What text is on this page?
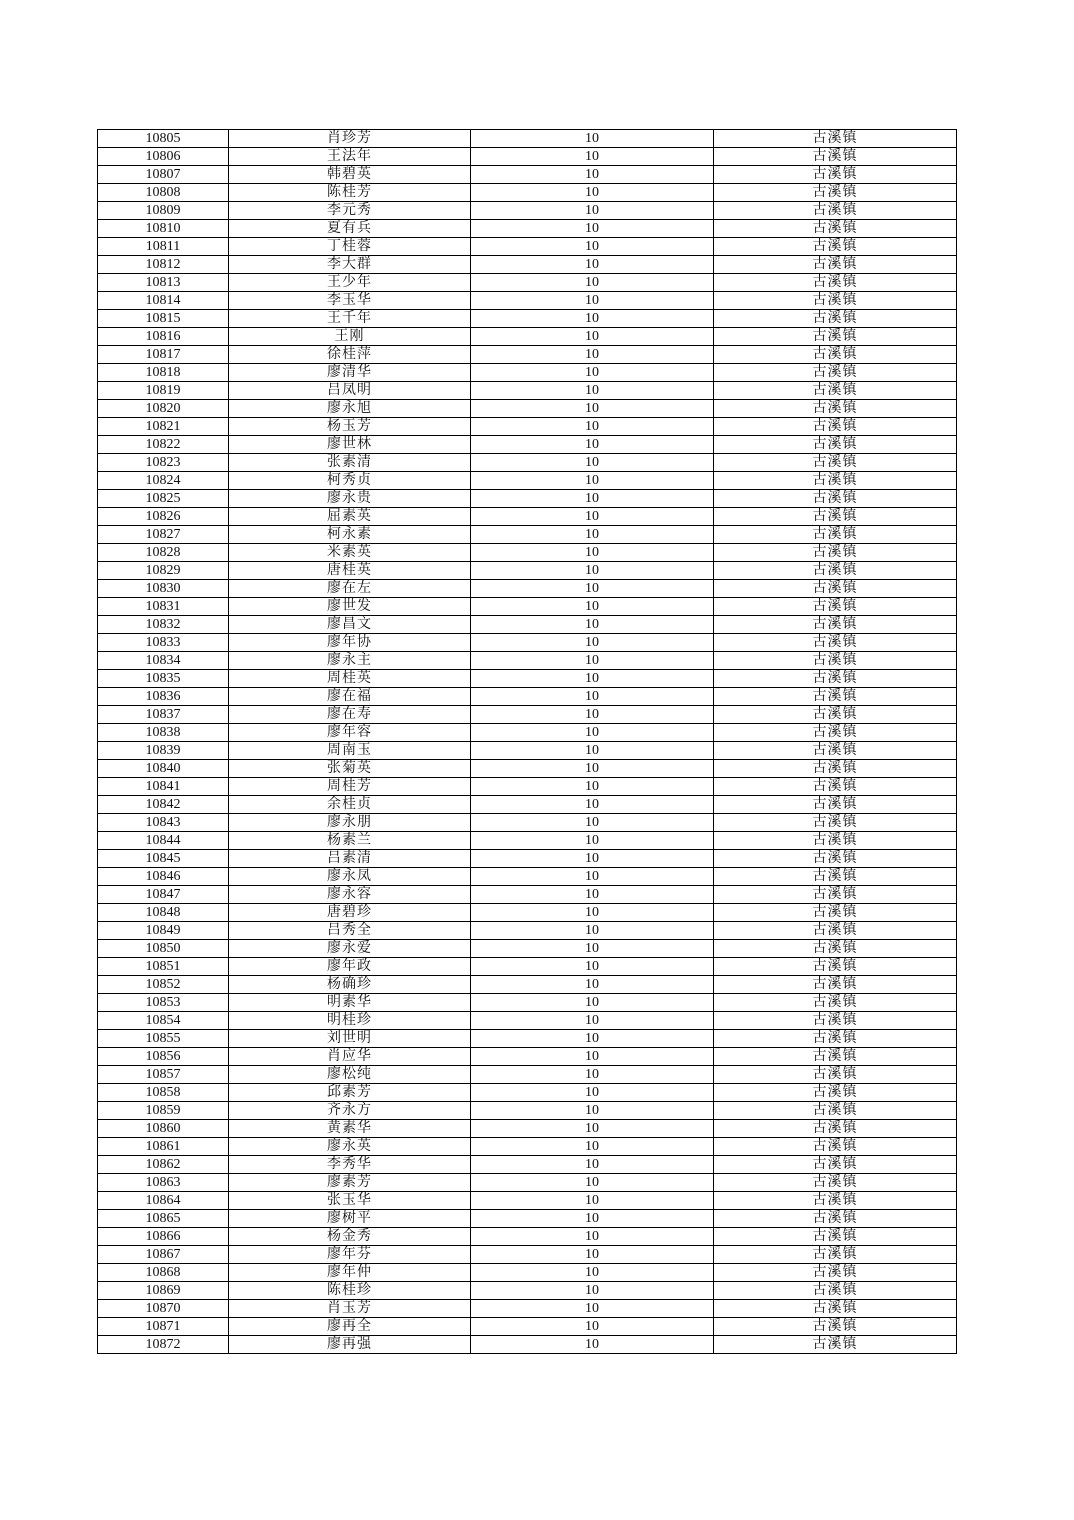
10805	肖珍芳	10	古溪镇
10806	王法年	10	古溪镇
10807	韩碧英	10	古溪镇
10808	陈桂芳	10	古溪镇
10809	李元秀	10	古溪镇
10810	夏有兵	10	古溪镇
10811	丁桂蓉	10	古溪镇
10812	李大群	10	古溪镇
10813	王少年	10	古溪镇
10814	李玉华	10	古溪镇
10815	王千年	10	古溪镇
10816	王刚	10	古溪镇
10817	徐桂萍	10	古溪镇
10818	廖清华	10	古溪镇
10819	吕凤明	10	古溪镇
10820	廖永旭	10	古溪镇
10821	杨玉芳	10	古溪镇
10822	廖世林	10	古溪镇
10823	张素清	10	古溪镇
10824	柯秀贞	10	古溪镇
10825	廖永贵	10	古溪镇
10826	屈素英	10	古溪镇
10827	柯永素	10	古溪镇
10828	米素英	10	古溪镇
10829	唐桂英	10	古溪镇
10830	廖在左	10	古溪镇
10831	廖世发	10	古溪镇
10832	廖昌文	10	古溪镇
10833	廖年协	10	古溪镇
10834	廖永主	10	古溪镇
10835	周桂英	10	古溪镇
10836	廖在福	10	古溪镇
10837	廖在寿	10	古溪镇
10838	廖年容	10	古溪镇
10839	周南玉	10	古溪镇
10840	张菊英	10	古溪镇
10841	周桂芳	10	古溪镇
10842	余桂贞	10	古溪镇
10843	廖永朋	10	古溪镇
10844	杨素兰	10	古溪镇
10845	吕素清	10	古溪镇
10846	廖永凤	10	古溪镇
10847	廖永容	10	古溪镇
10848	唐碧珍	10	古溪镇
10849	吕秀全	10	古溪镇
10850	廖永爱	10	古溪镇
10851	廖年政	10	古溪镇
10852	杨确珍	10	古溪镇
10853	明素华	10	古溪镇
10854	明桂珍	10	古溪镇
10855	刘世明	10	古溪镇
10856	肖应华	10	古溪镇
10857	廖松纯	10	古溪镇
10858	邱素芳	10	古溪镇
10859	齐永方	10	古溪镇
10860	黄素华	10	古溪镇
10861	廖永英	10	古溪镇
10862	李秀华	10	古溪镇
10863	廖素芳	10	古溪镇
10864	张玉华	10	古溪镇
10865	廖树平	10	古溪镇
10866	杨金秀	10	古溪镇
10867	廖年芬	10	古溪镇
10868	廖年仲	10	古溪镇
10869	陈桂珍	10	古溪镇
10870	肖玉芳	10	古溪镇
10871	廖再全	10	古溪镇
10872	廖再强	10	古溪镇
